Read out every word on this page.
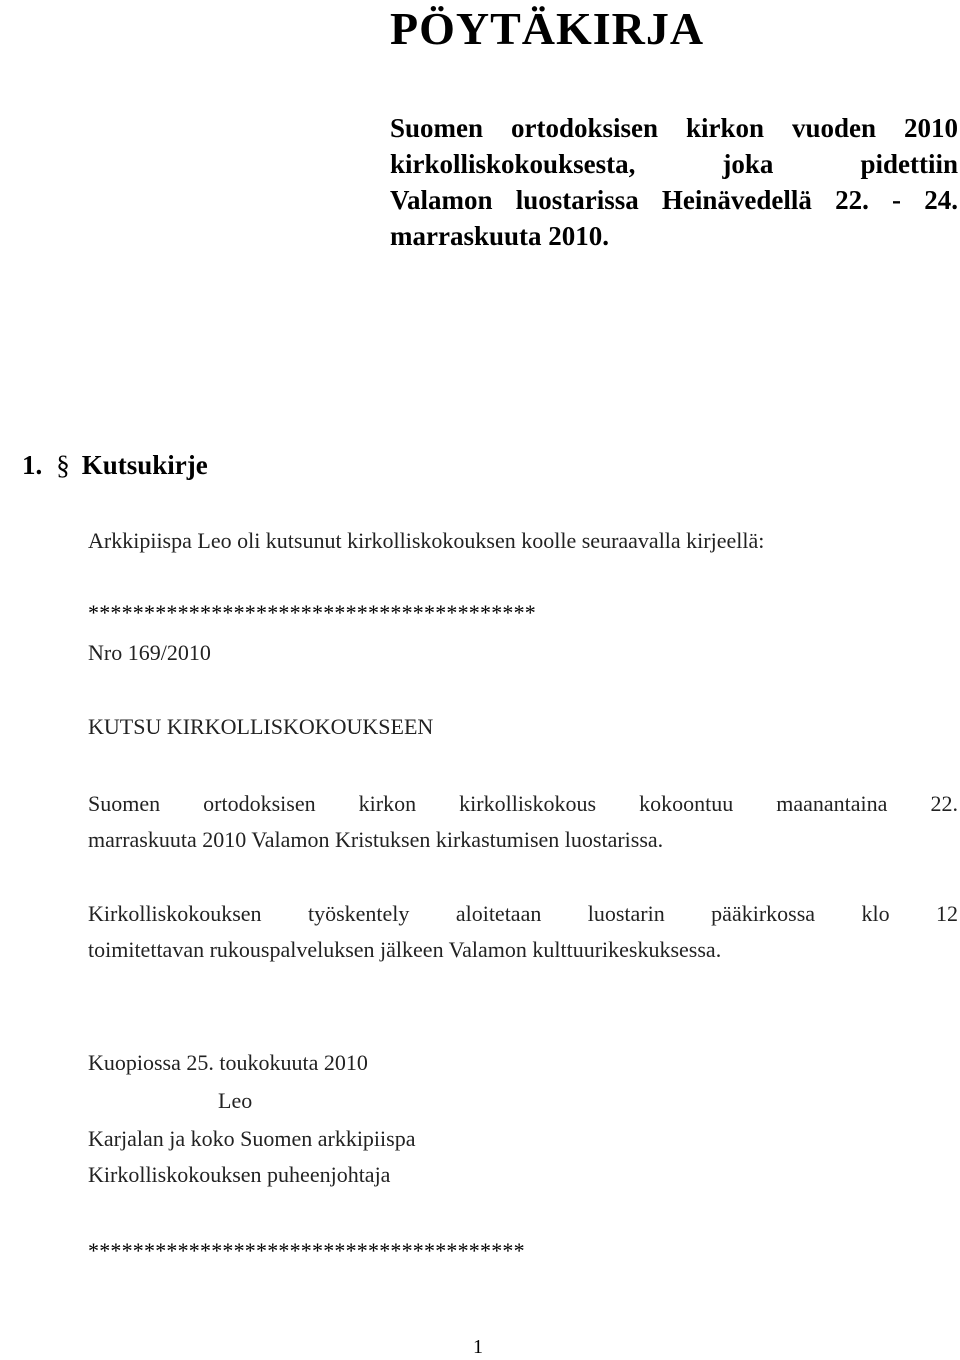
PÖYTÄKIRJA
Suomen ortodoksisen kirkon vuoden 2010
kirkolliskokouksesta, joka pidettiin
Valamon luostarissa Heinävedellä 22. - 24.
marraskuuta 2010.
1. § Kutsukirje
Arkkipiispa Leo oli kutsunut kirkolliskokouksen koolle seuraavalla kirjeellä:
****************************************
Nro 169/2010
KUTSU KIRKOLLISKOKOUKSEEN
Suomen ortodoksisen kirkon kirkolliskokous kokoontuu maanantaina 22.
marraskuuta 2010 Valamon Kristuksen kirkastumisen luostarissa.
Kirkolliskokouksen työskentely aloitetaan luostarin pääkirkossa klo 12
toimitettavan rukouspalveluksen jälkeen Valamon kulttuurikeskuksessa.
Kuopiossa 25. toukokuuta 2010
Leo
Karjalan ja koko Suomen arkkipiispa
Kirkolliskokouksen puheenjohtaja
***************************************
1
